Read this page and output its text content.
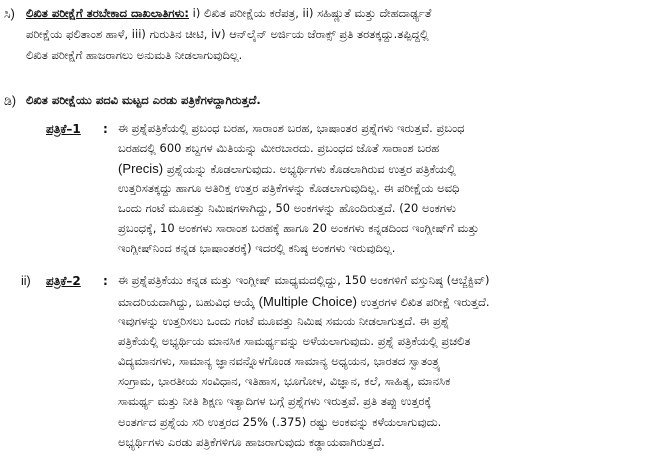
ಸಿ) ಲಿಖಿತ ಪರೀಕ್ಷೆಗೆ ತರಬೇಕಾದ ದಾಖಲಾತಿಗಳು: i) ಲಿಖಿತ ಪರೀಕ್ಷೆಯ ಕರೆಪತ್ರ, ii) ಸಹಿಷ್ಣುತೆ ಮತ್ತು ದೇಹದಾರ್ಢ್ಯತೆ
ಪರೀಕ್ಷೆಯ ಫಲಿತಾಂಶ ಹಾಳೆ, iii) ಗುರುತಿನ ಚೀಟಿ, iv) ಆನ್‌ಲೈನ್ ಅರ್ಜಿಯ ಜೆರಾಕ್ಸ್ ಪ್ರತಿ ತರತಕ್ಕದ್ದು.ತಪ್ಪಿದ್ದಲ್ಲಿ
ಲಿಖಿತ ಪರೀಕ್ಷೆಗೆ ಹಾಜರಾಗಲು ಅನುಮತಿ ನೀಡಲಾಗುವುದಿಲ್ಲ.
ಡಿ) ಲಿಖಿತ ಪರೀಕ್ಷೆಯು ಪದವಿ ಮಟ್ಟದ ಎರಡು ಪತ್ರಿಕೆಗಳದ್ದಾಗಿರುತ್ತದೆ.
ಪತ್ರಿಕೆ–1 : ಈ ಪ್ರಶ್ನೆಪತ್ರಿಕೆಯಲ್ಲಿ ಪ್ರಬಂಧ ಬರಹ, ಸಾರಾಂಶ ಬರಹ, ಭಾಷಾಂತರ ಪ್ರಶ್ನೆಗಳು ಇರುತ್ತವೆ. ಪ್ರಬಂಧ
ಬರಹದಲ್ಲಿ 600 ಶಬ್ದಗಳ ಮಿತಿಯನ್ನು ಮೀರಬಾರದು. ಪ್ರಬಂಧದ ಜೊತೆ ಸಾರಾಂಶ ಬರಹ
(Precis) ಪ್ರಶ್ನೆಯನ್ನು ಕೊಡಲಾಗುವುದು. ಅಭ್ಯರ್ಥಿಗಳು ಕೊಡಲಾಗಿರುವ ಉತ್ತರ ಪತ್ರಿಕೆಯಲ್ಲಿ
ಉತ್ತರಿಸತಕ್ಕದ್ದು ಹಾಗೂ ಅತಿರಿಕ್ತ ಉತ್ತರ ಪತ್ರಿಕೆಗಳನ್ನು ಕೊಡಲಾಗುವುದಿಲ್ಲ. ಈ ಪರೀಕ್ಷೆಯ ಅವಧಿ
ಒಂದು ಗಂಟೆ ಮೂವತ್ತು ನಿಮಿಷಗಳಾಗಿದ್ದು, 50 ಅಂಕಗಳನ್ನು ಹೊಂದಿರುತ್ತದೆ. (20 ಅಂಕಗಳು
ಪ್ರಬಂಧಕ್ಕೆ, 10 ಅಂಕಗಳು ಸಾರಾಂಶ ಬರಹಕ್ಕೆ ಹಾಗೂ 20 ಅಂಕಗಳು ಕನ್ನಡದಿಂದ ಇಂಗ್ಲೀಷ್‌ಗೆ ಮತ್ತು
ಇಂಗ್ಲೀಷ್‌ನಿಂದ ಕನ್ನಡ ಭಾಷಾಂತರಕ್ಕೆ) ಇದರಲ್ಲಿ ಕನಿಷ್ಠ ಅಂಕಗಳು ಇರುವುದಿಲ್ಲ.
ii) ಪತ್ರಿಕೆ–2 : ಈ ಪ್ರಶ್ನೆಪತ್ರಿಕೆಯು ಕನ್ನಡ ಮತ್ತು ಇಂಗ್ಲೀಷ್ ಮಾಧ್ಯಮದಲ್ಲಿದ್ದು, 150 ಅಂಕಗಳಿಗೆ ವಸ್ತುನಿಷ್ಠ (ಆಬ್ಜೆಕ್ಟಿವ್)
ಮಾದರಿಯದಾಗಿದ್ದು, ಬಹುವಿಧ ಆಯ್ಕೆ (Multiple Choice) ಉತ್ತರಗಳ ಲಿಖಿತ ಪರೀಕ್ಷೆ ಇರುತ್ತದೆ.
ಇವುಗಳನ್ನು ಉತ್ತರಿಸಲು ಒಂದು ಗಂಟೆ ಮೂವತ್ತು ನಿಮಿಷ ಸಮಯ ನೀಡಲಾಗುತ್ತದೆ. ಈ ಪ್ರಶ್ನೆ
ಪತ್ರಿಕೆಯಲ್ಲಿ ಅಭ್ಯರ್ಥಿಯ ಮಾನಸಿಕ ಸಾಮರ್ಥ್ಯವನ್ನು ಅಳೆಯಲಾಗುವುದು. ಪ್ರಶ್ನೆ ಪತ್ರಿಕೆಯಲ್ಲಿ ಪ್ರಚಲಿತ
ವಿದ್ಯಮಾನಗಳು, ಸಾಮಾನ್ಯ ಜ್ಞಾನವನ್ನೊಳಗೊಂಡ ಸಾಮಾನ್ಯ ಅಧ್ಯಯನ, ಭಾರತದ ಸ್ವಾತಂತ್ರ್ಯ
ಸಂಗ್ರಾಮ, ಭಾರತೀಯ ಸಂವಿಧಾನ, ಇತಿಹಾಸ, ಭೂಗೋಳ, ವಿಜ್ಞಾನ, ಕಲೆ, ಸಾಹಿತ್ಯ, ಮಾನಸಿಕ
ಸಾಮರ್ಥ್ಯ ಮತ್ತು ನೀತಿ ಶಿಕ್ಷಣ ಇತ್ಯಾದಿಗಳ ಬಗ್ಗೆ ಪ್ರಶ್ನೆಗಳು ಇರುತ್ತವೆ. ಪ್ರತಿ ತಪ್ಪು ಉತ್ತರಕ್ಕೆ
ಅಂತರ್ಗದ ಪ್ರಶ್ನೆಯ ಸರಿ ಉತ್ತರದ 25% (.375) ರಷ್ಟು ಅಂಕವನ್ನು ಕಳೆಯಲಾಗುವುದು.
ಅಭ್ಯರ್ಥಿಗಳು ಎರಡು ಪತ್ರಿಕೆಗಳಿಗೂ ಹಾಜರಾಗುವುದು ಕಡ್ಡಾಯವಾಗಿರುತ್ತದೆ.
